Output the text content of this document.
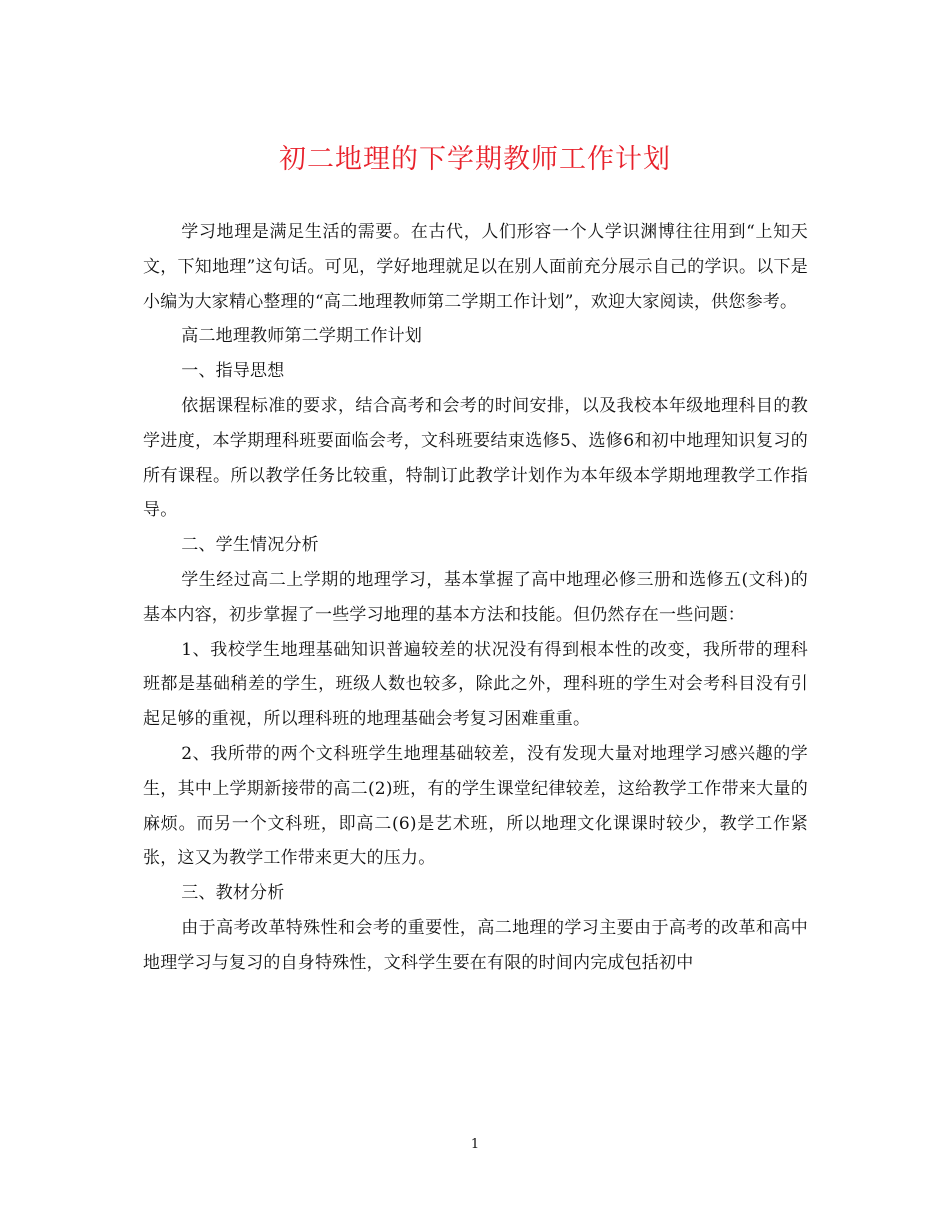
初二地理的下学期教师工作计划

学习地理是满足生活的需要。在古代，人们形容一个人学识渊博往往用到“上知天文，下知地理”这句话。可见，学好地理就足以在别人面前充分展示自己的学识。以下是小编为大家精心整理的“高二地理教师第二学期工作计划”，欢迎大家阅读，供您参考。

高二地理教师第二学期工作计划

一、指导思想

依据课程标准的要求，结合高考和会考的时间安排，以及我校本年级地理科目的教学进度，本学期理科班要面临会考，文科班要结束选修5、选修6和初中地理知识复习的所有课程。所以教学任务比较重，特制订此教学计划作为本年级本学期地理教学工作指导。

二、学生情况分析

学生经过高二上学期的地理学习，基本掌握了高中地理必修三册和选修五(文科)的基本内容，初步掌握了一些学习地理的基本方法和技能。但仍然存在一些问题：

1、我校学生地理基础知识普遍较差的状况没有得到根本性的改变，我所带的理科班都是基础稍差的学生，班级人数也较多，除此之外，理科班的学生对会考科目没有引起足够的重视，所以理科班的地理基础会考复习困难重重。

2、我所带的两个文科班学生地理基础较差，没有发现大量对地理学习感兴趣的学生，其中上学期新接带的高二(2)班，有的学生课堂纪律较差，这给教学工作带来大量的麻烦。而另一个文科班，即高二(6)是艺术班，所以地理文化课课时较少，教学工作紧张，这又为教学工作带来更大的压力。

三、教材分析

由于高考改革特殊性和会考的重要性，高二地理的学习主要由于高考的改革和高中地理学习与复习的自身特殊性，文科学生要在有限的时间内完成包括初中

1
